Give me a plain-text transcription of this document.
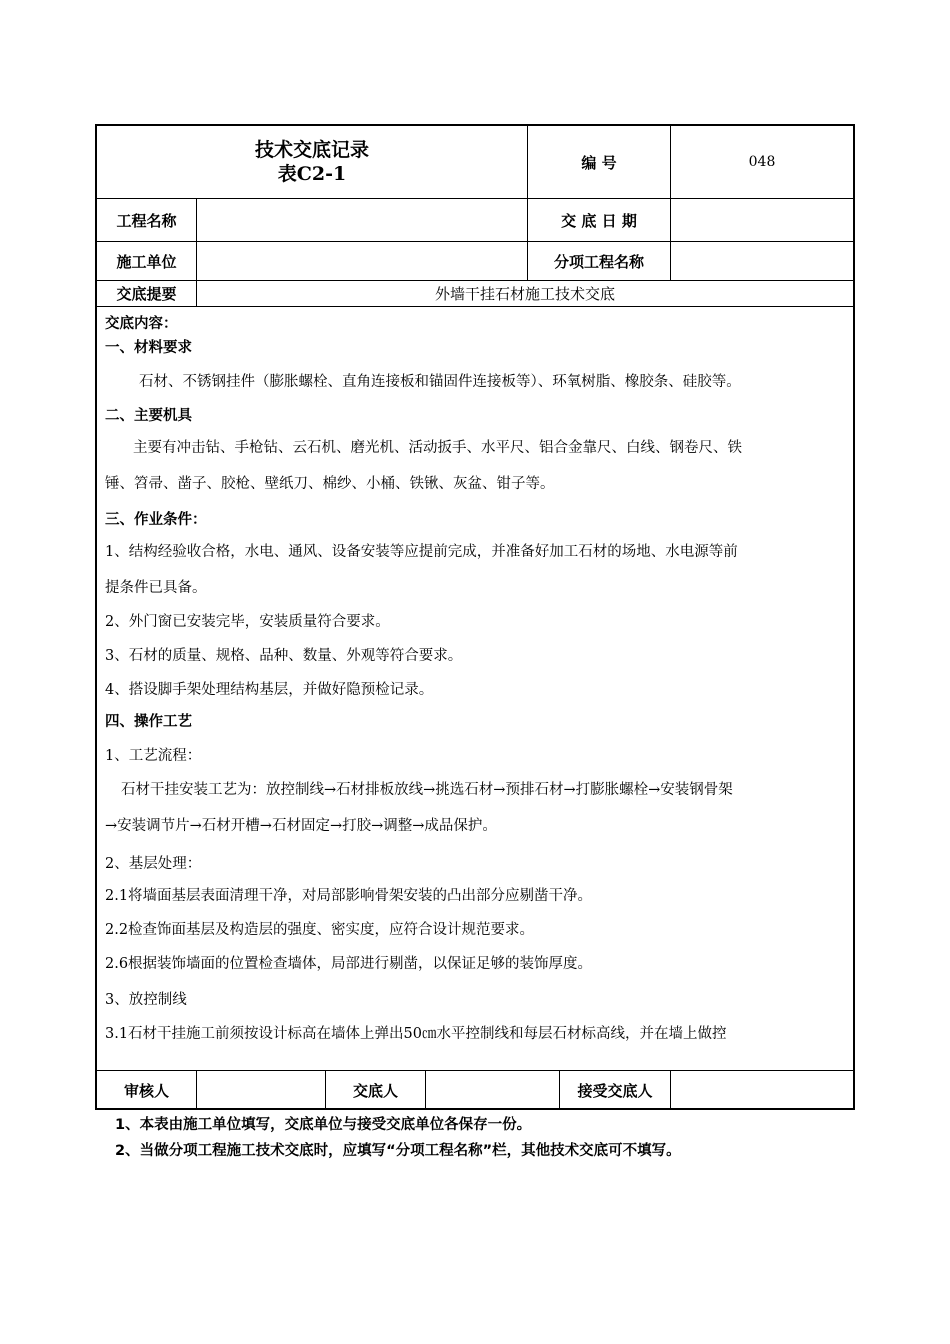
技术交底记录
表C2-1
编 号	048
工程名称	交 底 日 期
施工单位	分项工程名称
交底提要	外墙干挂石材施工技术交底
交底内容：
一、材料要求
石材、不锈钢挂件（膨胀螺栓、直角连接板和锚固件连接板等）、环氧树脂、橡胶条、硅胶等。
二、主要机具
主要有冲击钻、手枪钻、云石机、磨光机、活动扳手、水平尺、铝合金靠尺、白线、钢卷尺、铁
锤、笤帚、凿子、胶枪、壁纸刀、棉纱、小桶、铁锹、灰盆、钳子等。
三、作业条件：
1、结构经验收合格，水电、通风、设备安装等应提前完成，并准备好加工石材的场地、水电源等前
提条件已具备。
2、外门窗已安装完毕，安装质量符合要求。
3、石材的质量、规格、品种、数量、外观等符合要求。
4、搭设脚手架处理结构基层，并做好隐预检记录。
四、操作工艺
1、工艺流程：
石材干挂安装工艺为：放控制线→石材排板放线→挑选石材→预排石材→打膨胀螺栓→安装钢骨架
→安装调节片→石材开槽→石材固定→打胶→调整→成品保护。
2、基层处理：
2.1将墙面基层表面清理干净，对局部影响骨架安装的凸出部分应剔凿干净。
2.2检查饰面基层及构造层的强度、密实度，应符合设计规范要求。
2.6根据装饰墙面的位置检查墙体，局部进行剔凿，以保证足够的装饰厚度。
3、放控制线
3.1石材干挂施工前须按设计标高在墙体上弹出50㎝水平控制线和每层石材标高线，并在墙上做控
审核人	交底人	接受交底人
1、本表由施工单位填写，交底单位与接受交底单位各保存一份。
2、当做分项工程施工技术交底时，应填写“分项工程名称”栏，其他技术交底可不填写。
